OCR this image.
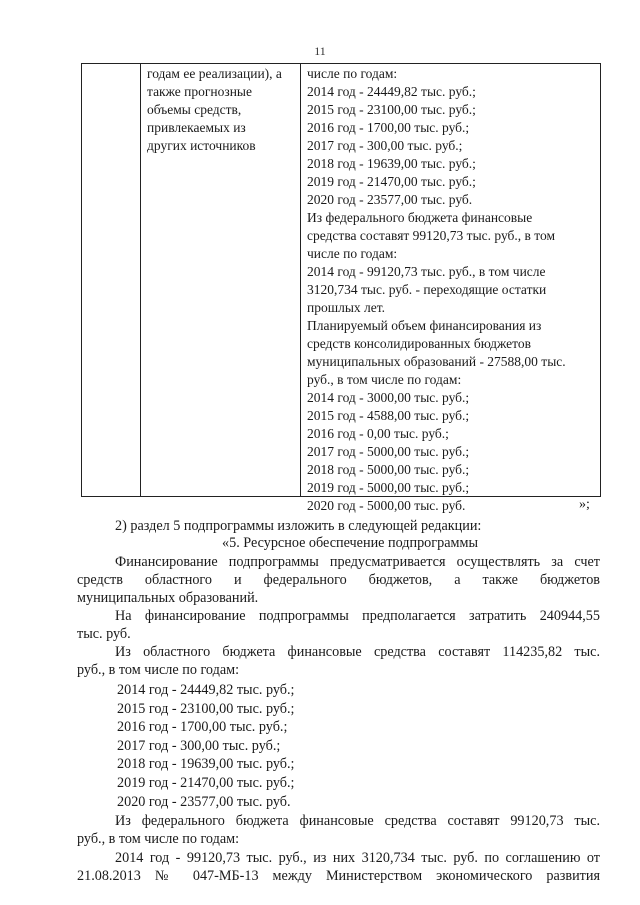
11
годам ее реализации), а
также прогнозные
объемы средств,
привлекаемых из
других источников
числе по годам:
2014 год - 24449,82 тыс. руб.;
2015 год - 23100,00 тыс. руб.;
2016 год - 1700,00 тыс. руб.;
2017 год - 300,00 тыс. руб.;
2018 год - 19639,00 тыс. руб.;
2019 год - 21470,00 тыс. руб.;
2020 год - 23577,00 тыс. руб.
Из федерального бюджета финансовые
средства составят 99120,73 тыс. руб., в том
числе по годам:
2014 год - 99120,73 тыс. руб., в том числе
3120,734 тыс. руб. - переходящие остатки
прошлых лет.
Планируемый объем финансирования из
средств консолидированных бюджетов
муниципальных образований - 27588,00 тыс.
руб., в том числе по годам:
2014 год - 3000,00 тыс. руб.;
2015 год - 4588,00 тыс. руб.;
2016 год - 0,00 тыс. руб.;
2017 год - 5000,00 тыс. руб.;
2018 год - 5000,00 тыс. руб.;
2019 год - 5000,00 тыс. руб.;
2020 год - 5000,00 тыс. руб.	»;
2) раздел 5 подпрограммы изложить в следующей редакции:
«5. Ресурсное обеспечение подпрограммы
Финансирование подпрограммы предусматривается осуществлять за счет
средств областного и федерального бюджетов, а также бюджетов
муниципальных образований.
На финансирование подпрограммы предполагается затратить 240944,55
тыс. руб.
Из областного бюджета финансовые средства составят 114235,82 тыс.
руб., в том числе по годам:
2014 год - 24449,82 тыс. руб.;
2015 год - 23100,00 тыс. руб.;
2016 год - 1700,00 тыс. руб.;
2017 год - 300,00 тыс. руб.;
2018 год - 19639,00 тыс. руб.;
2019 год - 21470,00 тыс. руб.;
2020 год - 23577,00 тыс. руб.
Из федерального бюджета финансовые средства составят 99120,73 тыс.
руб., в том числе по годам:
2014 год - 99120,73 тыс. руб., из них 3120,734 тыс. руб. по соглашению от
21.08.2013 № 047-МБ-13 между Министерством экономического развития
